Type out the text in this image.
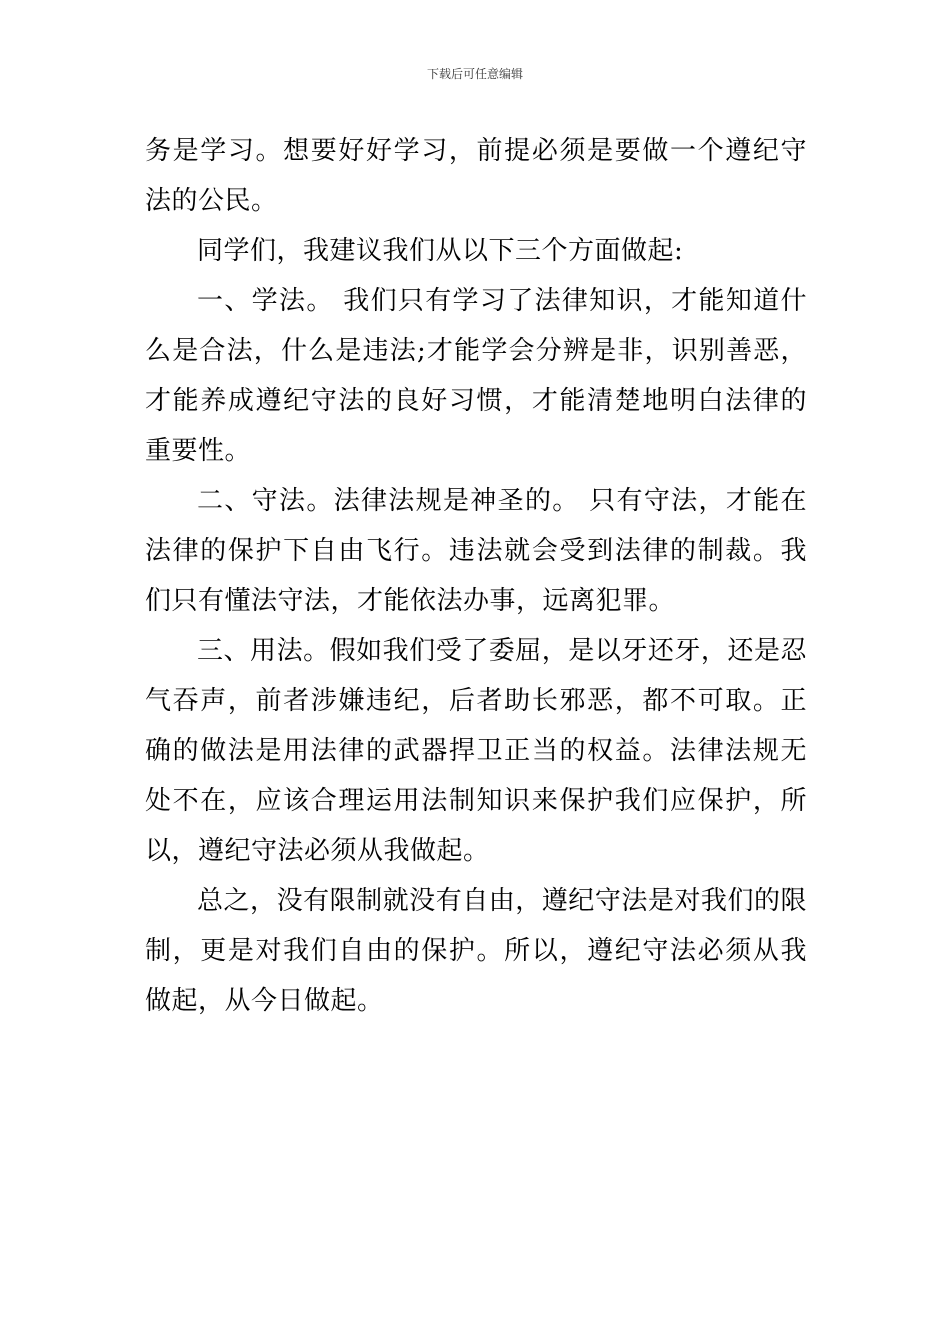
下载后可任意编辑

务是学习。想要好好学习，前提必须是要做一个遵纪守法的公民。

同学们，我建议我们从以下三个方面做起:

一、学法。 我们只有学习了法律知识，才能知道什么是合法，什么是违法;才能学会分辨是非，识别善恶，才能养成遵纪守法的良好习惯，才能清楚地明白法律的重要性。

二、守法。法律法规是神圣的。 只有守法，才能在法律的保护下自由飞行。违法就会受到法律的制裁。我们只有懂法守法，才能依法办事，远离犯罪。

三、用法。假如我们受了委屈，是以牙还牙，还是忍气吞声，前者涉嫌违纪，后者助长邪恶，都不可取。正确的做法是用法律的武器捍卫正当的权益。法律法规无处不在，应该合理运用法制知识来保护我们应保护，所以，遵纪守法必须从我做起。

总之，没有限制就没有自由，遵纪守法是对我们的限制，更是对我们自由的保护。所以，遵纪守法必须从我做起，从今日做起。
